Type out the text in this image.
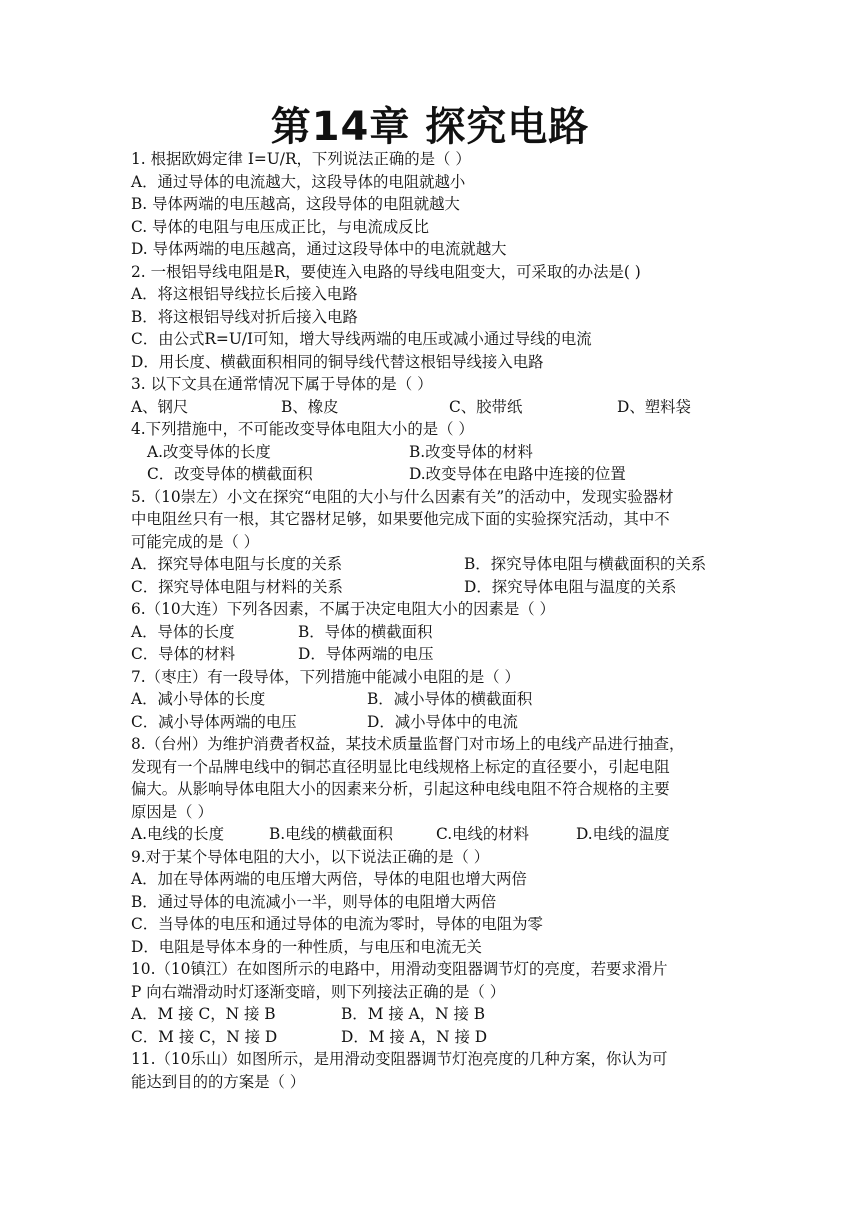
第14章 探究电路
1. 根据欧姆定律 I=U/R，下列说法正确的是（ ）
A．通过导体的电流越大，这段导体的电阻就越小
B. 导体两端的电压越高，这段导体的电阻就越大
C. 导体的电阻与电压成正比，与电流成反比
D. 导体两端的电压越高，通过这段导体中的电流就越大
2. 一根铝导线电阻是R，要使连入电路的导线电阻变大，可采取的办法是( )
A．将这根铝导线拉长后接入电路
B．将这根铝导线对折后接入电路
C．由公式R=U/I可知，增大导线两端的电压或减小通过导线的电流
D．用长度、横截面积相同的铜导线代替这根铝导线接入电路
3. 以下文具在通常情况下属于导体的是（ ）
A、钢尺	B、橡皮	C、胶带纸	D、塑料袋
4.下列措施中，不可能改变导体电阻大小的是（ ）
A.改变导体的长度	B.改变导体的材料
C．改变导体的横截面积	D.改变导体在电路中连接的位置
5.（10崇左）小文在探究“电阻的大小与什么因素有关”的活动中，发现实验器材
中电阻丝只有一根，其它器材足够，如果要他完成下面的实验探究活动，其中不
可能完成的是（ ）
A．探究导体电阻与长度的关系	B．探究导体电阻与横截面积的关系
C．探究导体电阻与材料的关系	D．探究导体电阻与温度的关系
6.（10大连）下列各因素，不属于决定电阻大小的因素是（ ）
A．导体的长度	B．导体的横截面积
C．导体的材料	D．导体两端的电压
7.（枣庄）有一段导体，下列措施中能减小电阻的是（ ）
A．减小导体的长度	B．减小导体的横截面积
C．减小导体两端的电压	D．减小导体中的电流
8.（台州）为维护消费者权益，某技术质量监督门对市场上的电线产品进行抽查，
发现有一个品牌电线中的铜芯直径明显比电线规格上标定的直径要小，引起电阻
偏大。从影响导体电阻大小的因素来分析，引起这种电线电阻不符合规格的主要
原因是（ ）
A.电线的长度	B.电线的横截面积	C.电线的材料	D.电线的温度
9.对于某个导体电阻的大小，以下说法正确的是（ ）
A．加在导体两端的电压增大两倍，导体的电阻也增大两倍
B．通过导体的电流减小一半，则导体的电阻增大两倍
C．当导体的电压和通过导体的电流为零时，导体的电阻为零
D．电阻是导体本身的一种性质，与电压和电流无关
10.（10镇江）在如图所示的电路中，用滑动变阻器调节灯的亮度，若要求滑片
P 向右端滑动时灯逐渐变暗，则下列接法正确的是（ ）
A．M 接 C，N 接 B	B．M 接 A，N 接 B
C．M 接 C，N 接 D	D．M 接 A，N 接 D
11.（10乐山）如图所示，是用滑动变阻器调节灯泡亮度的几种方案，你认为可
能达到目的的方案是（ ）
